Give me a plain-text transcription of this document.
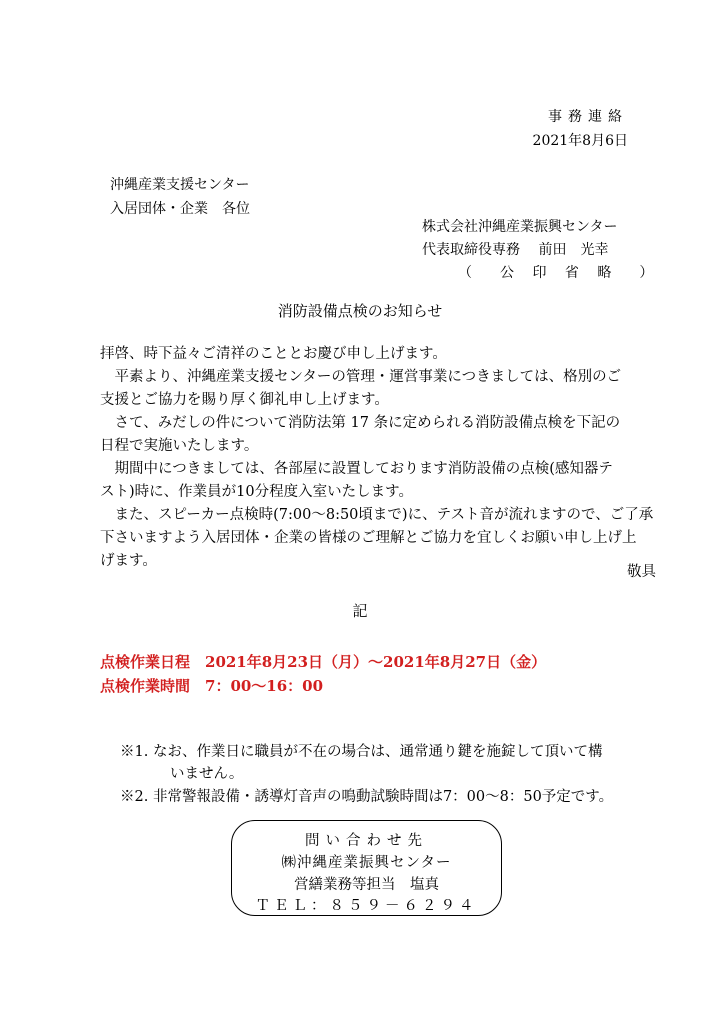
事務連絡
2021年8月6日
沖縄産業支援センター
入居団体・企業　各位
株式会社沖縄産業振興センター
代表取締役専務　 前田　光幸
（　公 印 省 略　）
消防設備点検のお知らせ
拝啓、時下益々ご清祥のこととお慶び申し上げます。
　平素より、沖縄産業支援センターの管理・運営事業につきましては、格別のご
支援とご協力を賜り厚く御礼申し上げます。
　さて、みだしの件について消防法第 17 条に定められる消防設備点検を下記の
日程で実施いたします。
　期間中につきましては、各部屋に設置しております消防設備の点検(感知器テ
スト)時に、作業員が10分程度入室いたします。
　また、スピーカー点検時(7:00～8:50頃まで)に、テスト音が流れますので、ご了承
下さいますよう入居団体・企業の皆様のご理解とご協力を宜しくお願い申し上げ上
げます。
敬具
記
点検作業日程　2021年8月23日（月）～2021年8月27日（金）
点検作業時間　7：00～16：00
※1. なお、作業日に職員が不在の場合は、通常通り鍵を施錠して頂いて構
いません。
※2. 非常警報設備・誘導灯音声の鳴動試験時間は7：00～8：50予定です。
問い合わせ先
㈱沖縄産業振興センター
営繕業務等担当　塩真
ＴＥＬ：８５９－６２９４
